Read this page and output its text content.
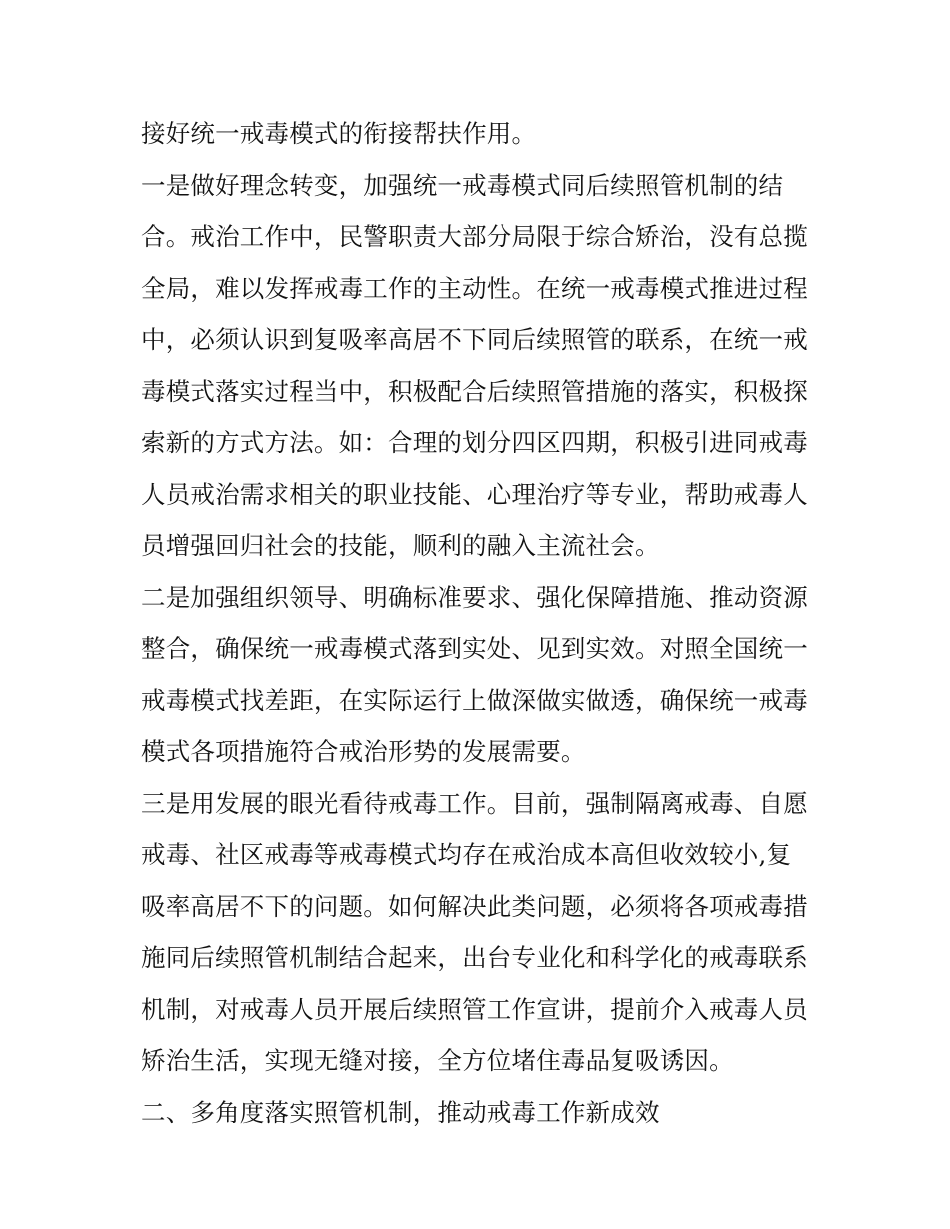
接好统一戒毒模式的衔接帮扶作用。
一是做好理念转变，加强统一戒毒模式同后续照管机制的结
合。戒治工作中，民警职责大部分局限于综合矫治，没有总揽
全局，难以发挥戒毒工作的主动性。在统一戒毒模式推进过程
中，必须认识到复吸率高居不下同后续照管的联系，在统一戒
毒模式落实过程当中，积极配合后续照管措施的落实，积极探
索新的方式方法。如：合理的划分四区四期，积极引进同戒毒
人员戒治需求相关的职业技能、心理治疗等专业，帮助戒毒人
员增强回归社会的技能，顺利的融入主流社会。
二是加强组织领导、明确标准要求、强化保障措施、推动资源
整合，确保统一戒毒模式落到实处、见到实效。对照全国统一
戒毒模式找差距，在实际运行上做深做实做透，确保统一戒毒
模式各项措施符合戒治形势的发展需要。
三是用发展的眼光看待戒毒工作。目前，强制隔离戒毒、自愿
戒毒、社区戒毒等戒毒模式均存在戒治成本高但收效较小,复
吸率高居不下的问题。如何解决此类问题，必须将各项戒毒措
施同后续照管机制结合起来，出台专业化和科学化的戒毒联系
机制，对戒毒人员开展后续照管工作宣讲，提前介入戒毒人员
矫治生活，实现无缝对接，全方位堵住毒品复吸诱因。
二、多角度落实照管机制，推动戒毒工作新成效
